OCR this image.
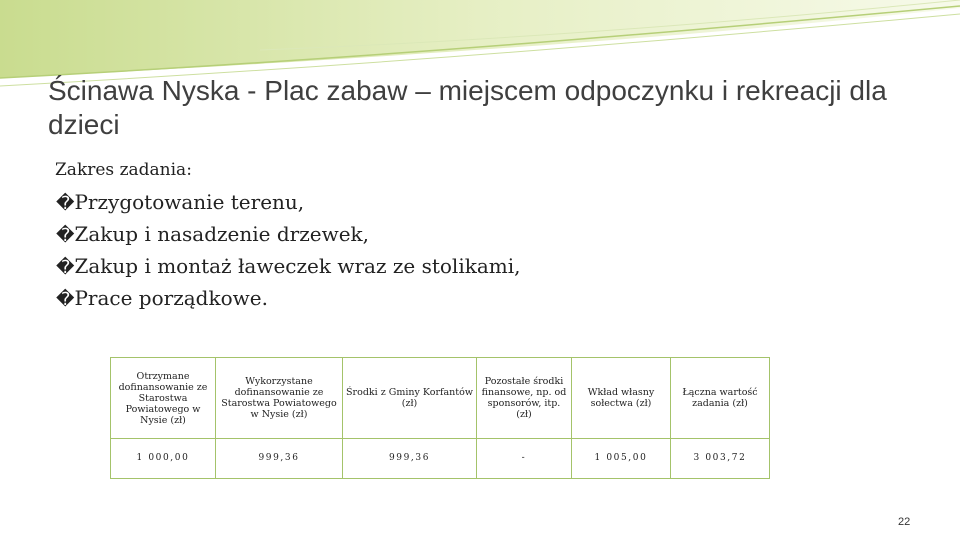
Ścinawa Nyska - Plac zabaw – miejscem odpoczynku i rekreacji dla dzieci
Zakres zadania:
�Przygotowanie terenu,
�Zakup i nasadzenie drzewek,
�Zakup i montaż ławeczek wraz ze stolikami,
�Prace porządkowe.
Otrzymane dofinansowanie ze Starostwa Powiatowego w Nysie (zł)	Wykorzystane dofinansowanie ze Starostwa Powiatowego w Nysie (zł)	Środki z Gminy Korfantów (zł)	Pozostałe środki finansowe, np. od sponsorów, itp. (zł)	Wkład własny sołectwa (zł)	Łączna wartość zadania (zł)
1 000,00	999,36	999,36	-	1 005,00	3 003,72
22
